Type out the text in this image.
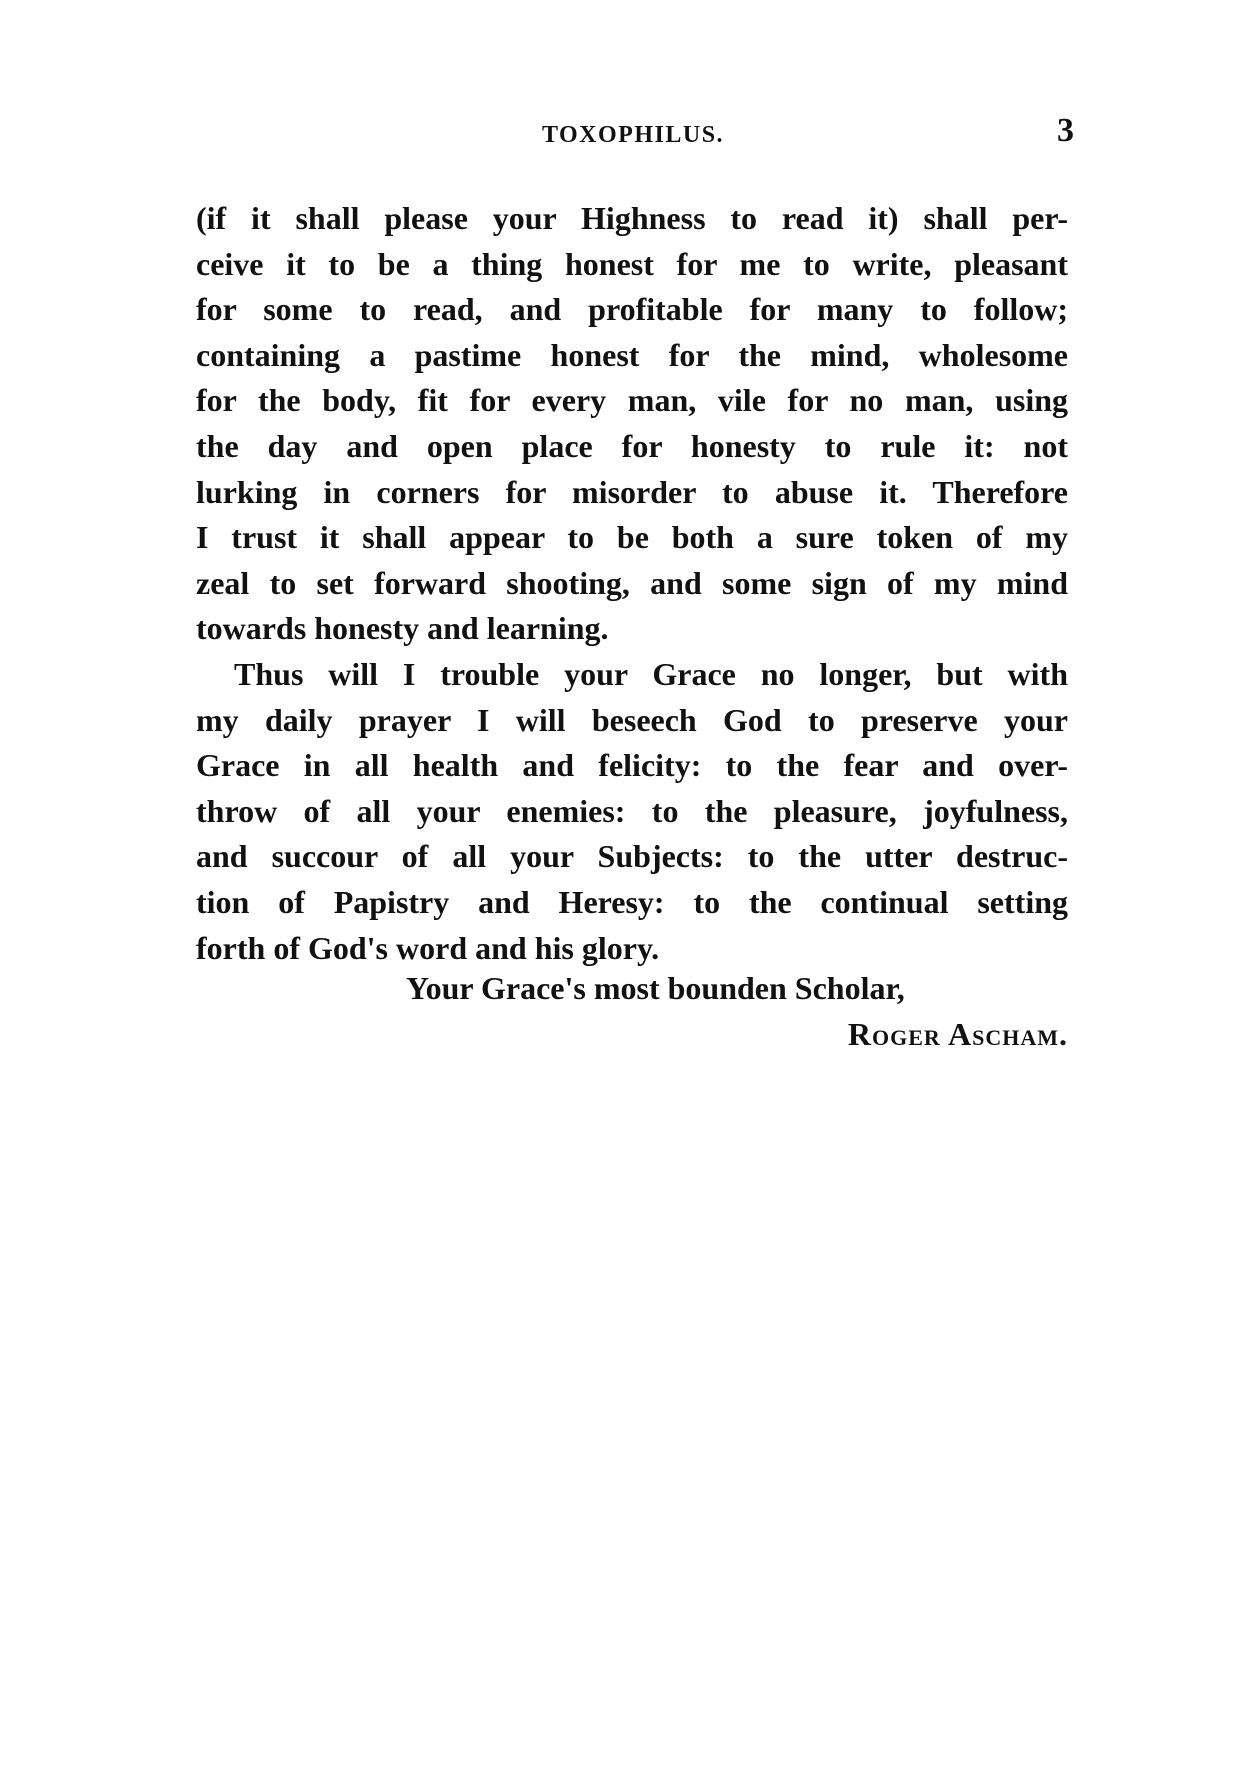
TOXOPHILUS.	3
(if it shall please your Highness to read it) shall per-
ceive it to be a thing honest for me to write, pleasant
for some to read, and profitable for many to follow;
containing a pastime honest for the mind, wholesome
for the body, fit for every man, vile for no man, using
the day and open place for honesty to rule it: not
lurking in corners for misorder to abuse it. Therefore
I trust it shall appear to be both a sure token of my
zeal to set forward shooting, and some sign of my mind
towards honesty and learning.
Thus will I trouble your Grace no longer, but with
my daily prayer I will beseech God to preserve your
Grace in all health and felicity: to the fear and over-
throw of all your enemies: to the pleasure, joyfulness,
and succour of all your Subjects: to the utter destruc-
tion of Papistry and Heresy: to the continual setting
forth of God's word and his glory.
Your Grace's most bounden Scholar,
Roger Ascham.
